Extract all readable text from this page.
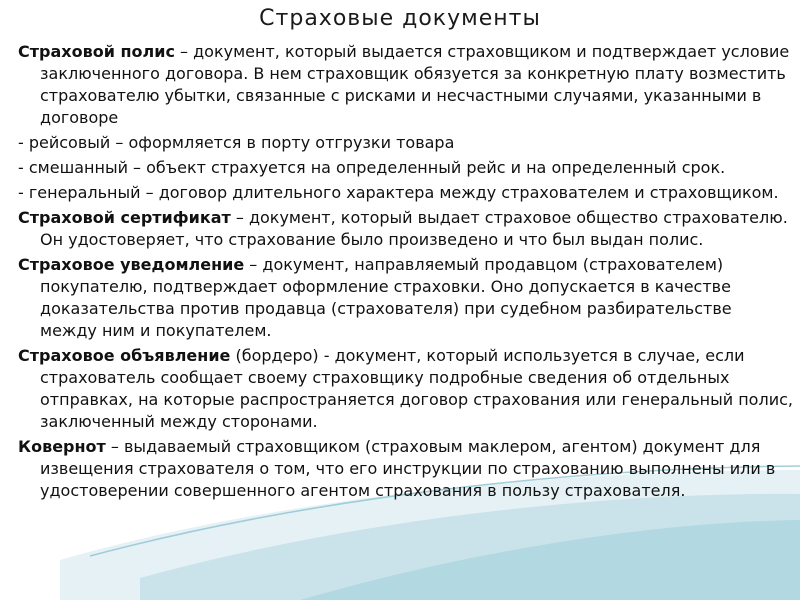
Страховые документы

Страховой полис – документ, который выдается страховщиком и подтверждает условие заключенного договора. В нем страховщик обязуется за конкретную плату возместить страхователю убытки, связанные с рисками и несчастными случаями, указанными в договоре

- рейсовый – оформляется в порту отгрузки товара

- смешанный – объект страхуется на определенный рейс и на определенный срок.

- генеральный – договор длительного характера между страхователем и страховщиком.

Страховой сертификат – документ, который выдает страховое общество страхователю. Он удостоверяет, что страхование было произведено и что был выдан полис.

Страховое уведомление – документ, направляемый продавцом (страхователем) покупателю, подтверждает оформление страховки. Оно допускается в качестве доказательства против продавца (страхователя) при судебном разбирательстве между ним и покупателем.

Страховое объявление (бордеро) - документ, который используется в случае, если страхователь сообщает своему страховщику подробные сведения об отдельных отправках, на которые распространяется договор страхования или генеральный полис, заключенный между сторонами.

Ковернот – выдаваемый страховщиком (страховым маклером, агентом) документ для извещения страхователя о том, что его инструкции по страхованию выполнены или в удостоверении совершенного агентом страхования в пользу страхователя.
